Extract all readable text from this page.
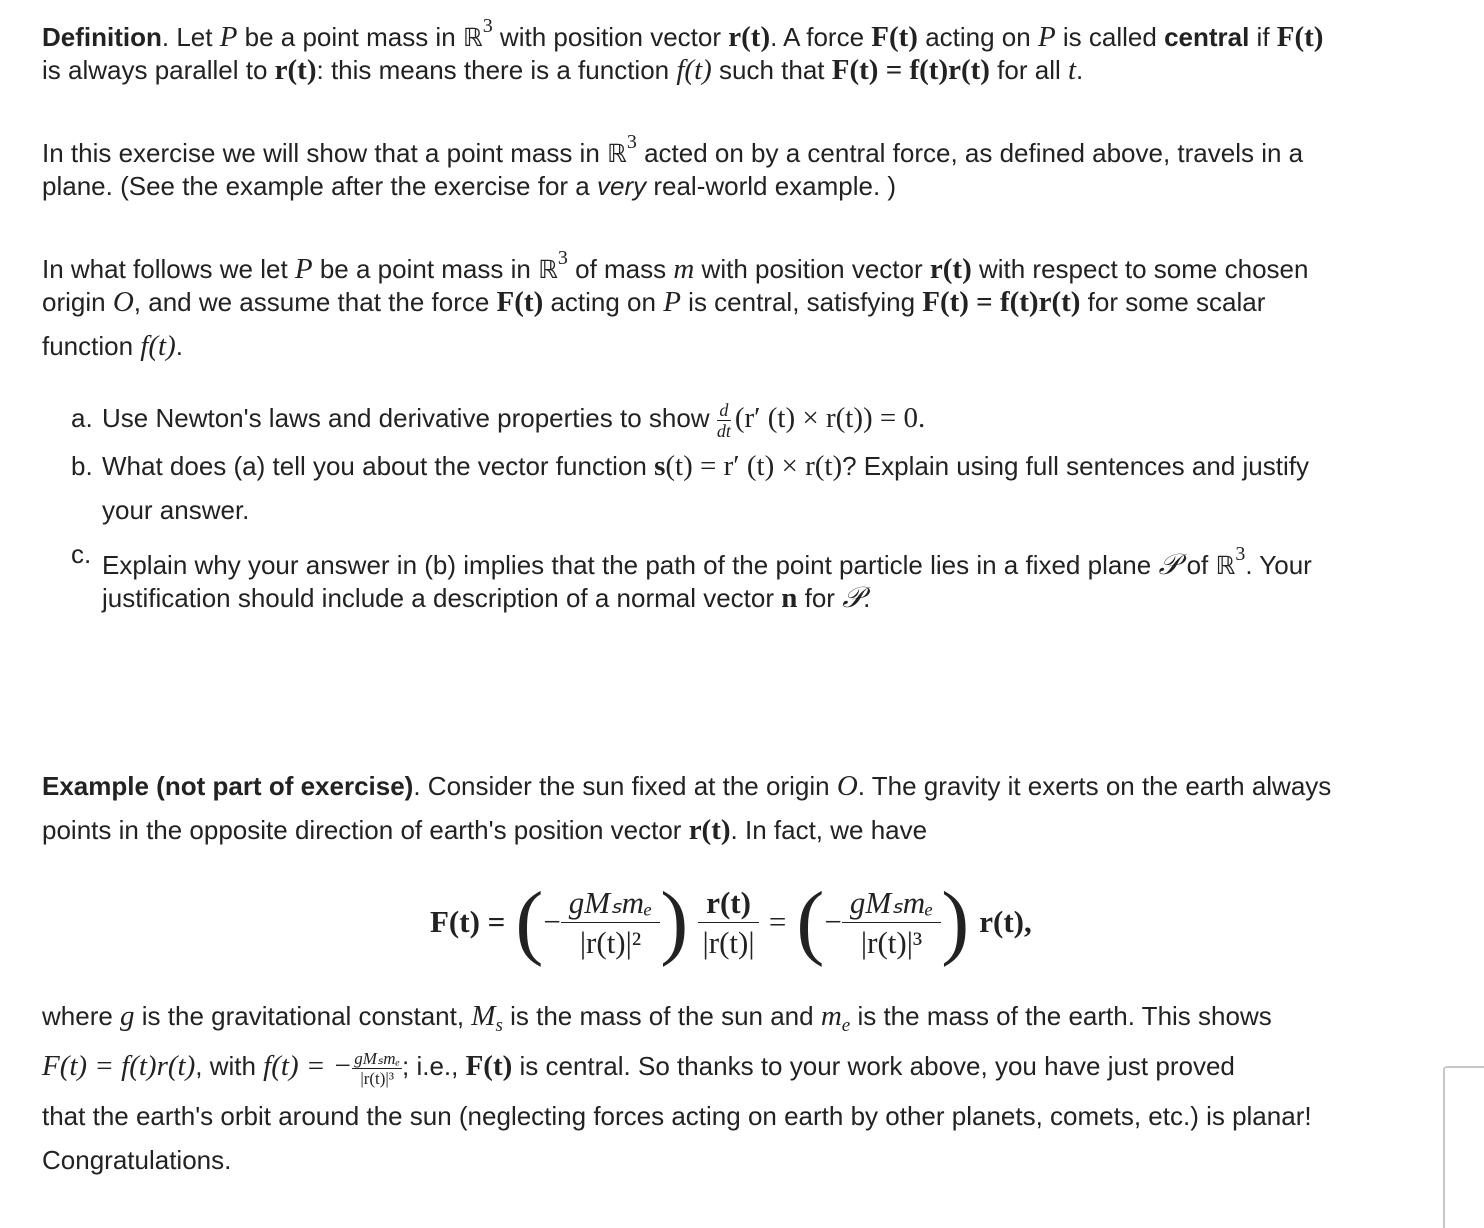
Definition. Let P be a point mass in ℝ$^3$ with position vector r(t). A force F(t) acting on P is called central if F(t)
is always parallel to r(t): this means there is a function f(t) such that F(t) = f(t)r(t) for all t.
In this exercise we will show that a point mass in ℝ$^3$ acted on by a central force, as defined above, travels in a
plane. (See the example after the exercise for a very real-world example. )
In what follows we let P be a point mass in ℝ$^3$ of mass m with position vector r(t) with respect to some chosen
origin O, and we assume that the force F(t) acting on P is central, satisfying F(t) = f(t)r(t) for some scalar
function f(t).
a. Use Newton's laws and derivative properties to show $\frac{d}{dt} (r'$ (t) × r(t)) = 0.
b. What does (a) tell you about the vector function s(t) = r′ (t) × r(t)? Explain using full sentences and justify
your answer.
c. Explain why your answer in (b) implies that the path of the point particle lies in a fixed plane 𝒫 of ℝ$^3$. Your
justification should include a description of a normal vector n for 𝒫.
Example (not part of exercise). Consider the sun fixed at the origin O. The gravity it exerts on the earth always
points in the opposite direction of earth's position vector r(t). In fact, we have
F(t) = ( − $\frac{\text{gMₛmₑ}}{\text{|r(t)|²}}$ ) $\frac{r(t)}{|r(t)|}$ = ( − $\frac{\text{gMₛmₑ}}{\text{|r(t)|³}}$ ) r(t),
where g is the gravitational constant, $M_s$ is the mass of the sun and $m_e$ is the mass of the earth. This shows
F(t) = f(t)r(t), with f(t) = − $\frac{\text{gMₛmₑ}}{\text{|r(t)|³}}$ ; i.e., F(t) is central. So thanks to your work above, you have just proved
that the earth's orbit around the sun (neglecting forces acting on earth by other planets, comets, etc.) is planar!
Congratulations.
